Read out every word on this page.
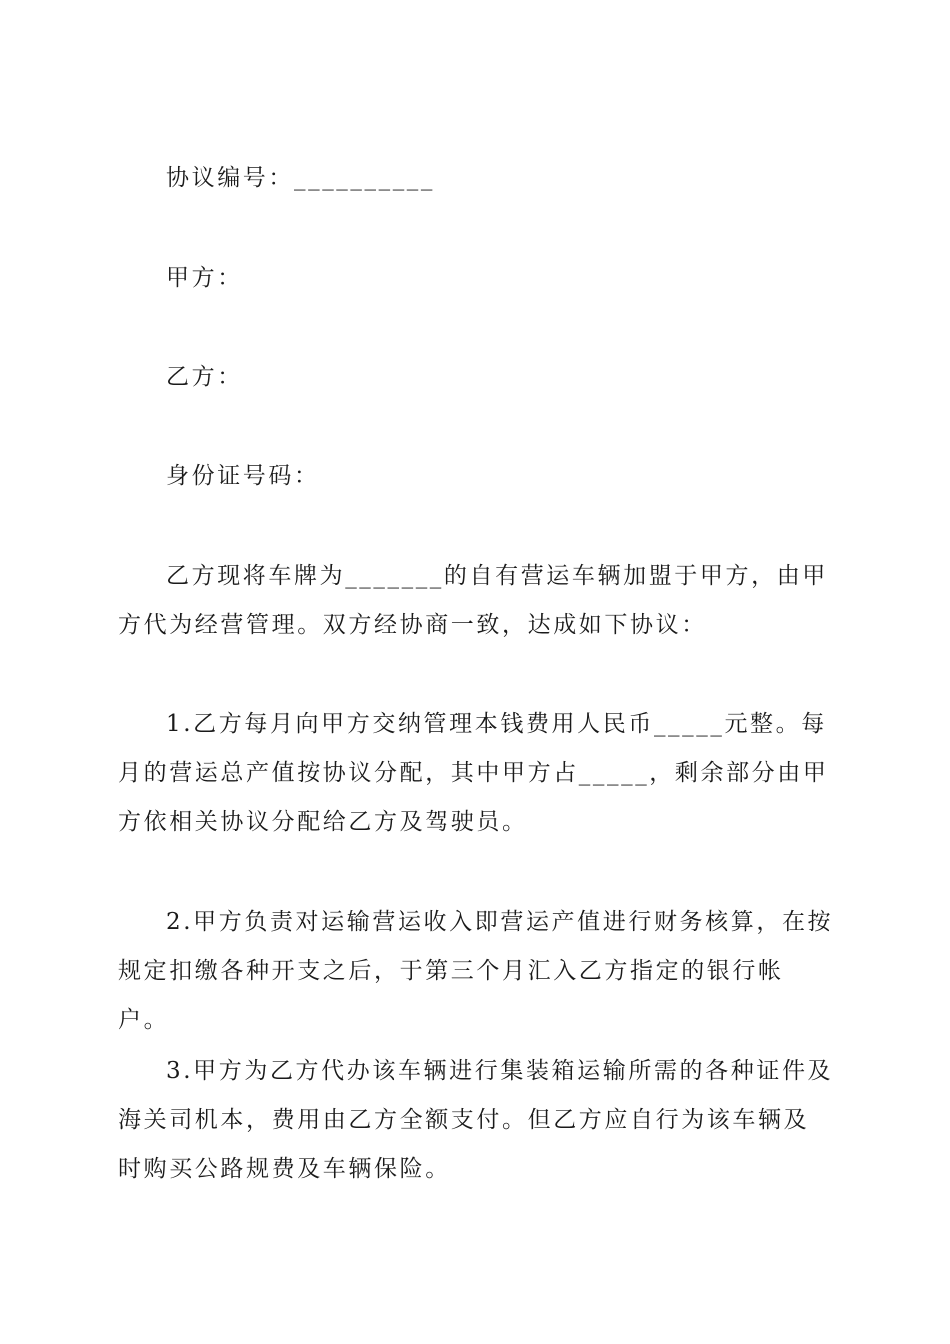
协议编号：__________
甲方：
乙方：
身份证号码：
乙方现将车牌为_______的自有营运车辆加盟于甲方，由甲方代为经营管理。双方经协商一致，达成如下协议：
1.乙方每月向甲方交纳管理本钱费用人民币_____元整。每月的营运总产值按协议分配，其中甲方占_____，剩余部分由甲方依相关协议分配给乙方及驾驶员。
2.甲方负责对运输营运收入即营运产值进行财务核算，在按规定扣缴各种开支之后，于第三个月汇入乙方指定的银行帐户。
3.甲方为乙方代办该车辆进行集装箱运输所需的各种证件及海关司机本，费用由乙方全额支付。但乙方应自行为该车辆及时购买公路规费及车辆保险。
